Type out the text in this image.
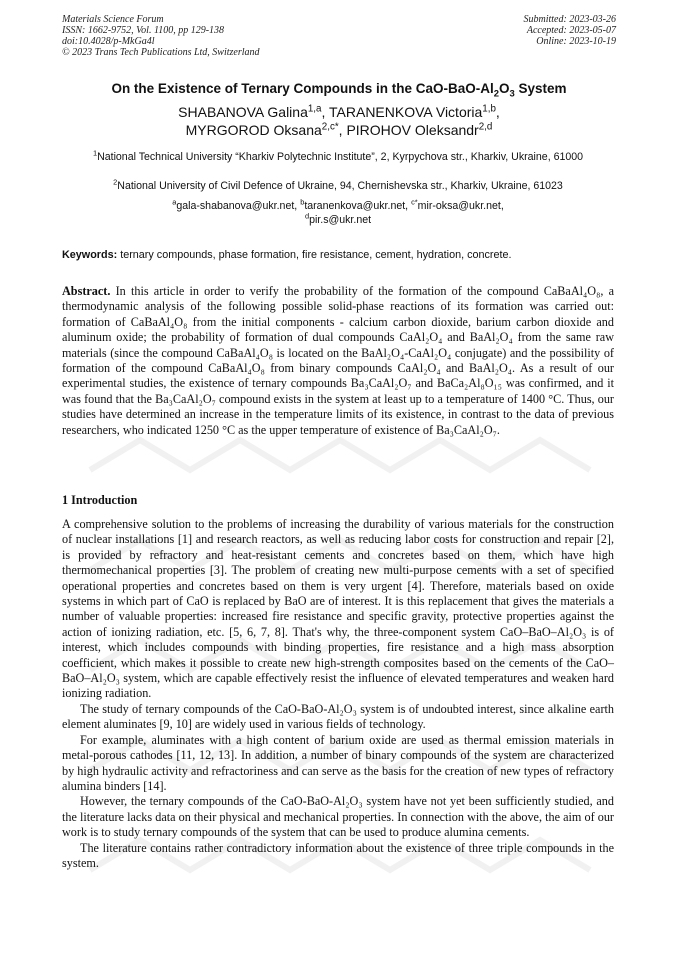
Materials Science Forum
ISSN: 1662-9752, Vol. 1100, pp 129-138
doi:10.4028/p-MkGa4l
© 2023 Trans Tech Publications Ltd, Switzerland
Submitted: 2023-03-26
Accepted: 2023-05-07
Online: 2023-10-19
On the Existence of Ternary Compounds in the CaO-$BaO-Al_2O_3$ System
SHABANOVA Galina$^{1,a}$, TARANENKOVA Victoria$^{1,b}$,
MYRGOROD Oksana$^{2,c*}$, PIROHOV Oleksandr$^{2,d}$
$^1$National Technical University “Kharkiv Polytechnic Institute”, 2, Kyrpychova str., Kharkiv, Ukraine, 61000
$^2$National University of Civil Defence of Ukraine, 94, Chernishevska str., Kharkiv, Ukraine, 61023
$^a$gala-shabanova@ukr.net, $^b$taranenkova@ukr.net, $^{c*}$mir-oksa@ukr.net,
$^d$pir.s@ukr.net
Keywords: ternary compounds, phase formation, fire resistance, cement, hydration, concrete.

Abstract. In this article in order to verify the probability of the formation of the compound CaBaAl₄O₈, a thermodynamic analysis of the following possible solid-phase reactions of its formation was carried out: formation of CaBaAl₄O₈ from the initial components - calcium carbon dioxide, barium carbon dioxide and aluminum oxide; the probability of formation of dual compounds CaAl₂O₄ and BaAl₂O₄ from the same raw materials (since the compound CaBaAl₄O₈ is located on the BaAl₂O₄-CaAl₂O₄ conjugate) and the possibility of formation of the compound CaBaAl₄O₈ from binary compounds CaAl₂O₄ and BaAl₂O₄. As a result of our experimental studies, the existence of ternary compounds Ba₃CaAl₂O₇ and BaCa₂Al₈O₁₅ was confirmed, and it was found that the Ba₃CaAl₂O₇ compound exists in the system at least up to a temperature of 1400 °C. Thus, our studies have determined an increase in the temperature limits of its existence, in contrast to the data of previous researchers, who indicated 1250 °C as the upper temperature of existence of Ba₃CaAl₂O₇.

1 Introduction

A comprehensive solution to the problems of increasing the durability of various materials for the construction of nuclear installations [1] and research reactors, as well as reducing labor costs for construction and repair [2], is provided by refractory and heat-resistant cements and concretes based on them, which have high thermomechanical properties [3]. The problem of creating new multi-purpose cements with a set of specified operational properties and concretes based on them is very urgent [4]. Therefore, materials based on oxide systems in which part of CaO is replaced by BaO are of interest. It is this replacement that gives the materials a number of valuable properties: increased fire resistance and specific gravity, protective properties against the action of ionizing radiation, etc. [5, 6, 7, 8]. That's why, the three-component system CaO–BaO–Al₂O₃ is of interest, which includes compounds with binding properties, fire resistance and a high mass absorption coefficient, which makes it possible to create new high-strength composites based on the cements of the CaO–BaO–Al₂O₃ system, which are capable effectively resist the influence of elevated temperatures and weaken hard ionizing radiation.

The study of ternary compounds of the CaO-BaO-Al₂O₃ system is of undoubted interest, since alkaline earth element aluminates [9, 10] are widely used in various fields of technology.

For example, aluminates with a high content of barium oxide are used as thermal emission materials in metal-porous cathodes [11, 12, 13]. In addition, a number of binary compounds of the system are characterized by high hydraulic activity and refractoriness and can serve as the basis for the creation of new types of refractory alumina binders [14].

However, the ternary compounds of the CaO-BaO-Al₂O₃ system have not yet been sufficiently studied, and the literature lacks data on their physical and mechanical properties. In connection with the above, the aim of our work is to study ternary compounds of the system that can be used to produce alumina cements.

The literature contains rather contradictory information about the existence of three triple compounds in the system.
